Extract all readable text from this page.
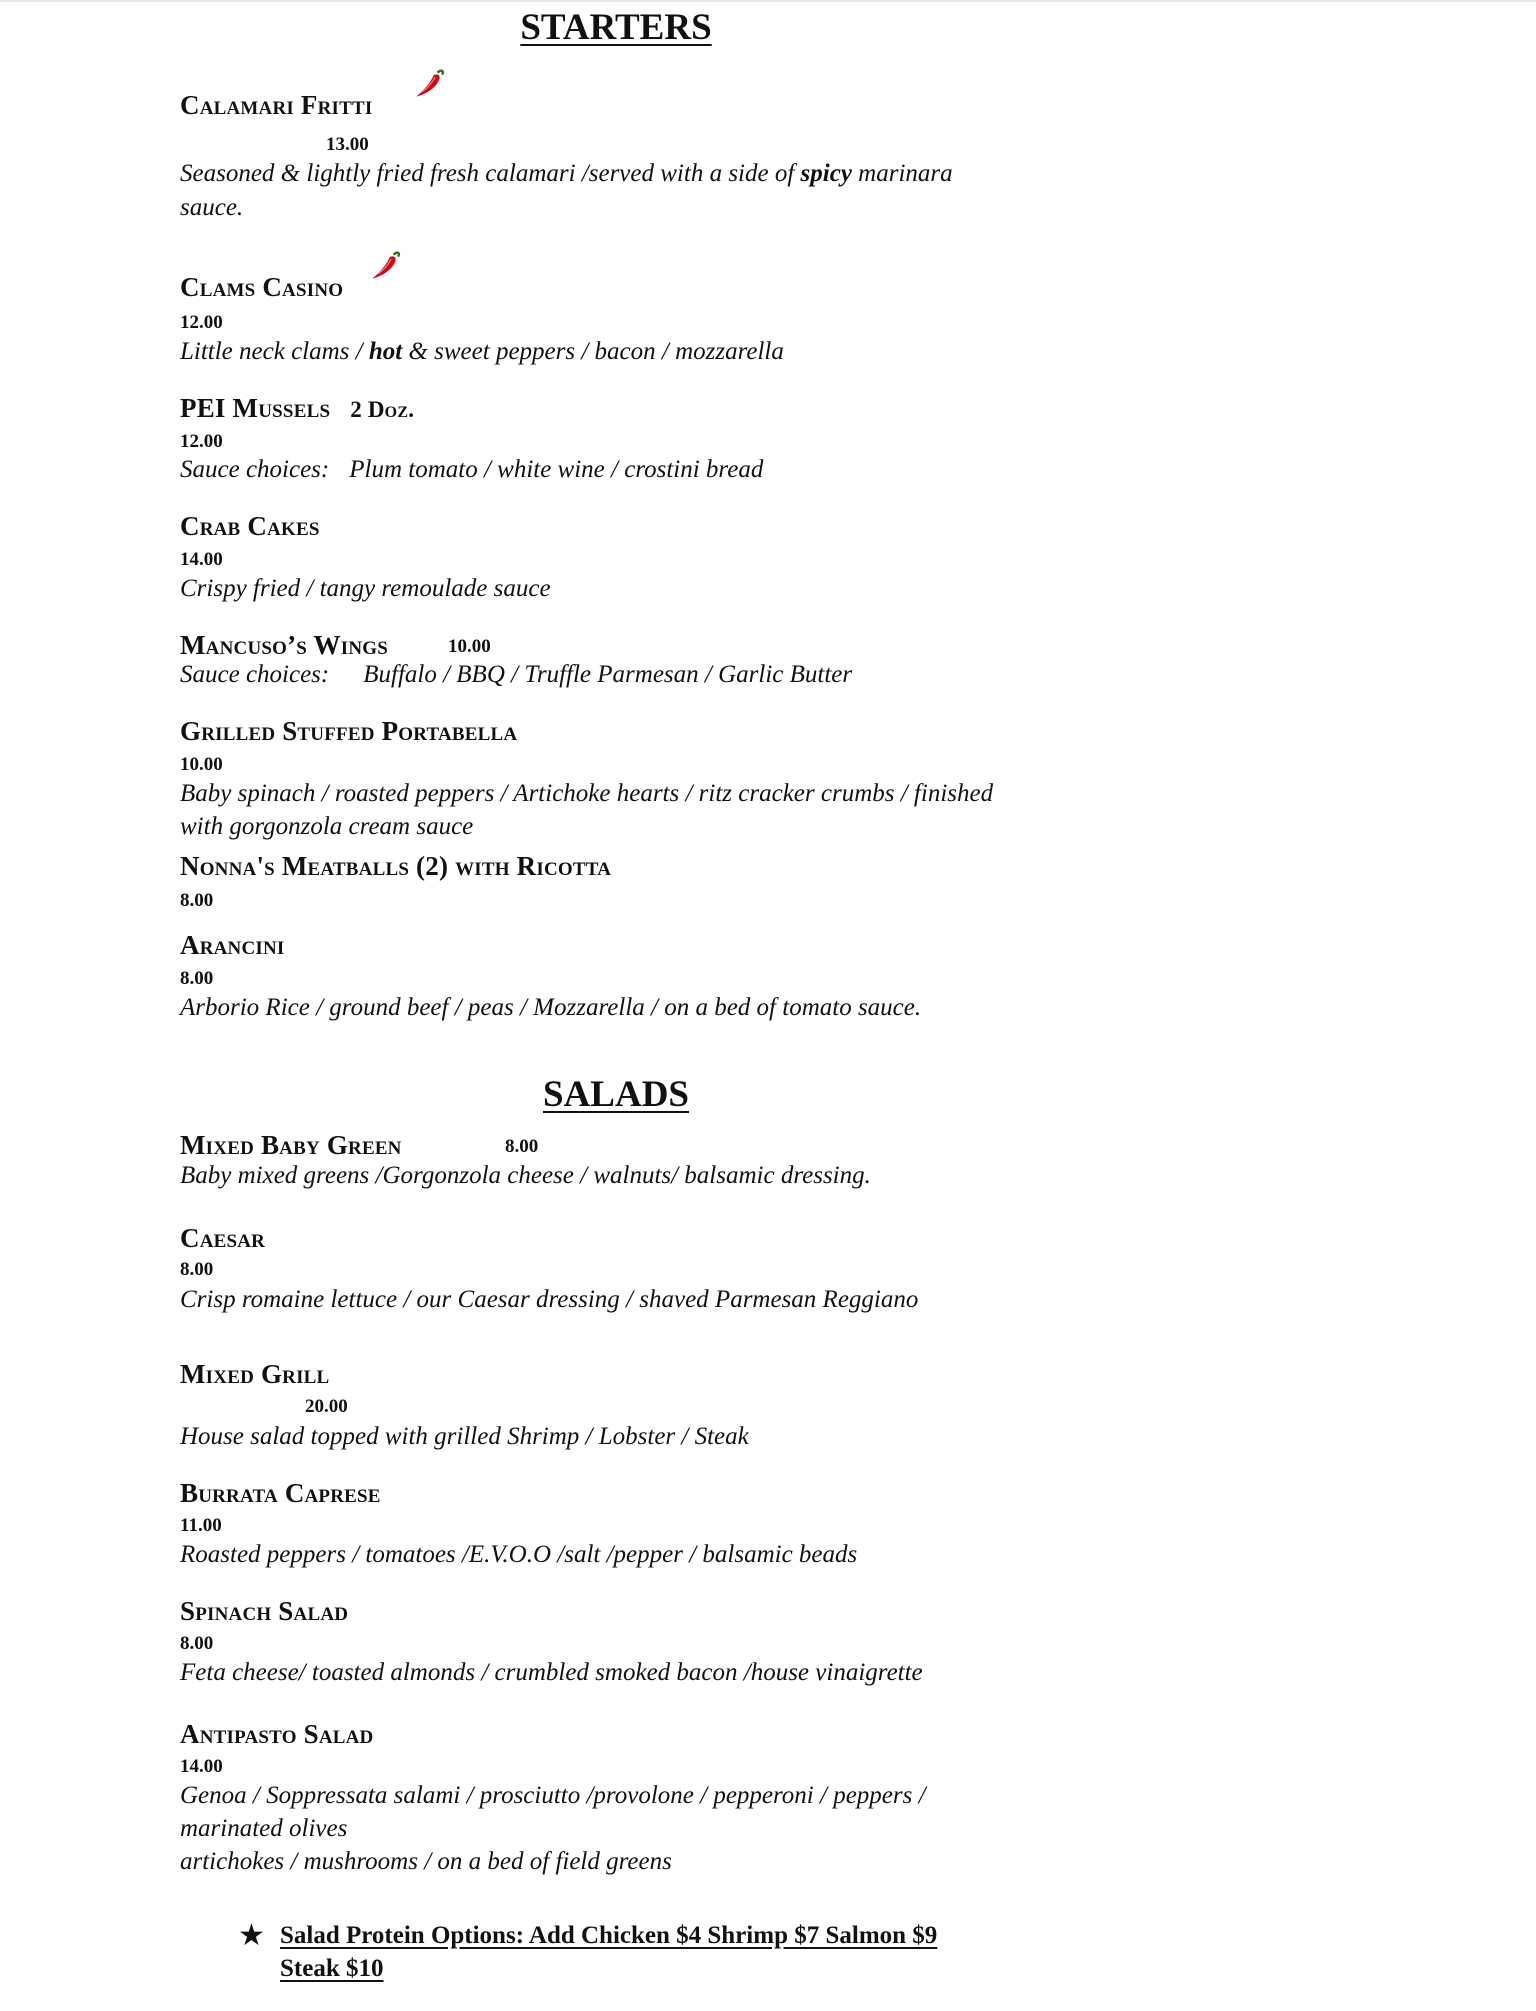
STARTERS
Calamari Fritti
13.00
Seasoned & lightly fried fresh calamari /served with a side of spicy marinara
sauce.
Clams Casino
12.00
Little neck clams / hot & sweet peppers / bacon / mozzarella
PEI Mussels 2 Doz.
12.00
Sauce choices: Plum tomato / white wine / crostini bread
Crab Cakes
14.00
Crispy fried / tangy remoulade sauce
Mancuso’s Wings	10.00
Sauce choices: Buffalo / BBQ / Truffle Parmesan / Garlic Butter
Grilled Stuffed Portabella
10.00
Baby spinach / roasted peppers / Artichoke hearts / ritz cracker crumbs / finished
with gorgonzola cream sauce
Nonna's Meatballs (2) with Ricotta
8.00
Arancini
8.00
Arborio Rice / ground beef / peas / Mozzarella / on a bed of tomato sauce.
SALADS
Mixed Baby Green	8.00
Baby mixed greens /Gorgonzola cheese / walnuts/ balsamic dressing.
Caesar
8.00
Crisp romaine lettuce / our Caesar dressing / shaved Parmesan Reggiano
Mixed Grill
20.00
House salad topped with grilled Shrimp / Lobster / Steak
Burrata Caprese
11.00
Roasted peppers / tomatoes /E.V.O.O /salt /pepper / balsamic beads
Spinach Salad
8.00
Feta cheese/ toasted almonds / crumbled smoked bacon /house vinaigrette
Antipasto Salad
14.00
Genoa / Soppressata salami / prosciutto /provolone / pepperoni / peppers /
marinated olives
artichokes / mushrooms / on a bed of field greens
★ Salad Protein Options: Add Chicken $4 Shrimp $7 Salmon $9
Steak $10
